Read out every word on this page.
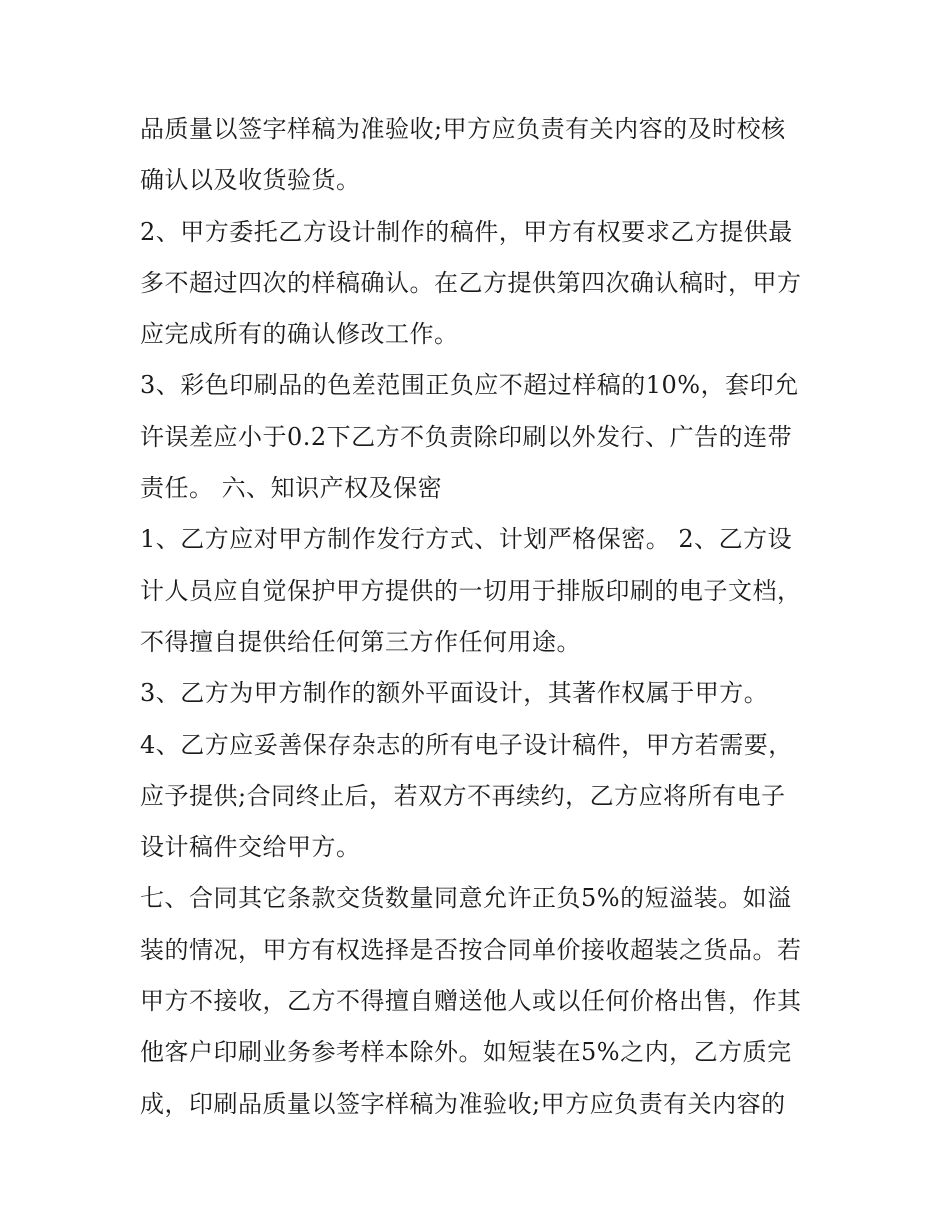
品质量以签字样稿为准验收;甲方应负责有关内容的及时校核
确认以及收货验货。
2、甲方委托乙方设计制作的稿件，甲方有权要求乙方提供最
多不超过四次的样稿确认。在乙方提供第四次确认稿时，甲方
应完成所有的确认修改工作。
3、彩色印刷品的色差范围正负应不超过样稿的10%，套印允
许误差应小于0.2下乙方不负责除印刷以外发行、广告的连带
责任。 六、知识产权及保密
1、乙方应对甲方制作发行方式、计划严格保密。 2、乙方设
计人员应自觉保护甲方提供的一切用于排版印刷的电子文档，
不得擅自提供给任何第三方作任何用途。
3、乙方为甲方制作的额外平面设计，其著作权属于甲方。
4、乙方应妥善保存杂志的所有电子设计稿件，甲方若需要，
应予提供;合同终止后，若双方不再续约，乙方应将所有电子
设计稿件交给甲方。
七、合同其它条款交货数量同意允许正负5%的短溢装。如溢
装的情况，甲方有权选择是否按合同单价接收超装之货品。若
甲方不接收，乙方不得擅自赠送他人或以任何价格出售，作其
他客户印刷业务参考样本除外。如短装在5%之内，乙方质完
成，印刷品质量以签字样稿为准验收;甲方应负责有关内容的
